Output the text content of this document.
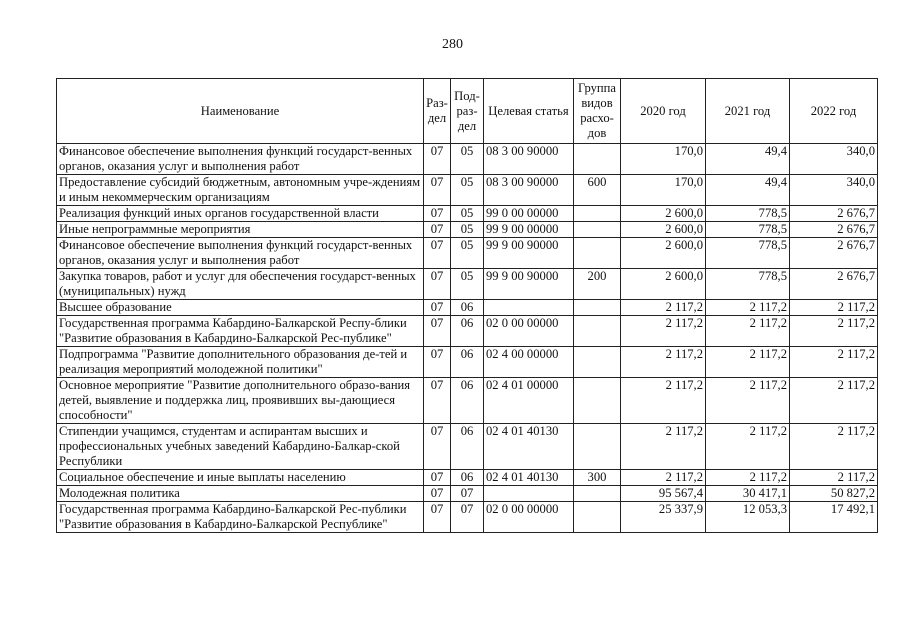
280
Наименование	Раз-дел	Под-раз-дел	Целевая статья	Группа видов расхо-дов	2020 год	2021 год	2022 год
Финансовое обеспечение выполнения функций государст-венных органов, оказания услуг и выполнения работ	07	05	08 3 00 90000		170,0	49,4	340,0
Предоставление субсидий бюджетным, автономным учре-ждениям и иным некоммерческим организациям	07	05	08 3 00 90000	600	170,0	49,4	340,0
Реализация функций иных органов государственной власти	07	05	99 0 00 00000		2 600,0	778,5	2 676,7
Иные непрограммные мероприятия	07	05	99 9 00 00000		2 600,0	778,5	2 676,7
Финансовое обеспечение выполнения функций государст-венных органов, оказания услуг и выполнения работ	07	05	99 9 00 90000		2 600,0	778,5	2 676,7
Закупка товаров, работ и услуг для обеспечения государст-венных (муниципальных) нужд	07	05	99 9 00 90000	200	2 600,0	778,5	2 676,7
Высшее образование	07	06			2 117,2	2 117,2	2 117,2
Государственная программа Кабардино-Балкарской Респу-блики "Развитие образования в Кабардино-Балкарской Рес-публике"	07	06	02 0 00 00000		2 117,2	2 117,2	2 117,2
Подпрограмма "Развитие дополнительного образования де-тей и реализация мероприятий молодежной политики"	07	06	02 4 00 00000		2 117,2	2 117,2	2 117,2
Основное мероприятие "Развитие дополнительного образо-вания детей, выявление и поддержка лиц, проявивших вы-дающиеся способности"	07	06	02 4 01 00000		2 117,2	2 117,2	2 117,2
Стипендии учащимся, студентам и аспирантам высших и профессиональных учебных заведений Кабардино-Балкар-ской Республики	07	06	02 4 01 40130		2 117,2	2 117,2	2 117,2
Социальное обеспечение и иные выплаты населению	07	06	02 4 01 40130	300	2 117,2	2 117,2	2 117,2
Молодежная политика	07	07			95 567,4	30 417,1	50 827,2
Государственная программа Кабардино-Балкарской Рес-публики "Развитие образования в Кабардино-Балкарской Республике"	07	07	02 0 00 00000		25 337,9	12 053,3	17 492,1
